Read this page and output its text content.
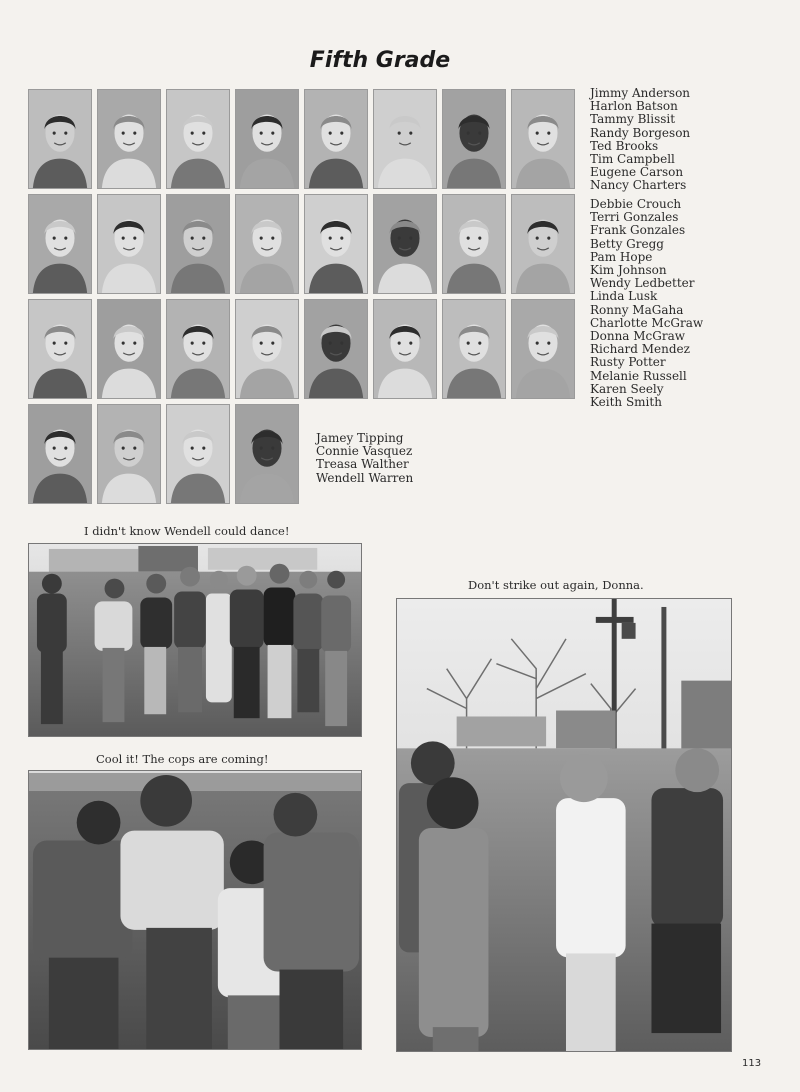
Fifth Grade
Jimmy Anderson
Harlon Batson
Tammy Blissit
Randy Borgeson
Ted Brooks
Tim Campbell
Eugene Carson
Nancy Charters
Debbie Crouch
Terri Gonzales
Frank Gonzales
Betty Gregg
Pam Hope
Kim Johnson
Wendy Ledbetter
Linda Lusk
Ronny MaGaha
Charlotte McGraw
Donna McGraw
Richard Mendez
Rusty Potter
Melanie Russell
Karen Seely
Keith Smith
Jamey Tipping
Connie Vasquez
Treasa Walther
Wendell Warren
I didn't know Wendell could dance!
Cool it! The cops are coming!
Don't strike out again, Donna.
113
